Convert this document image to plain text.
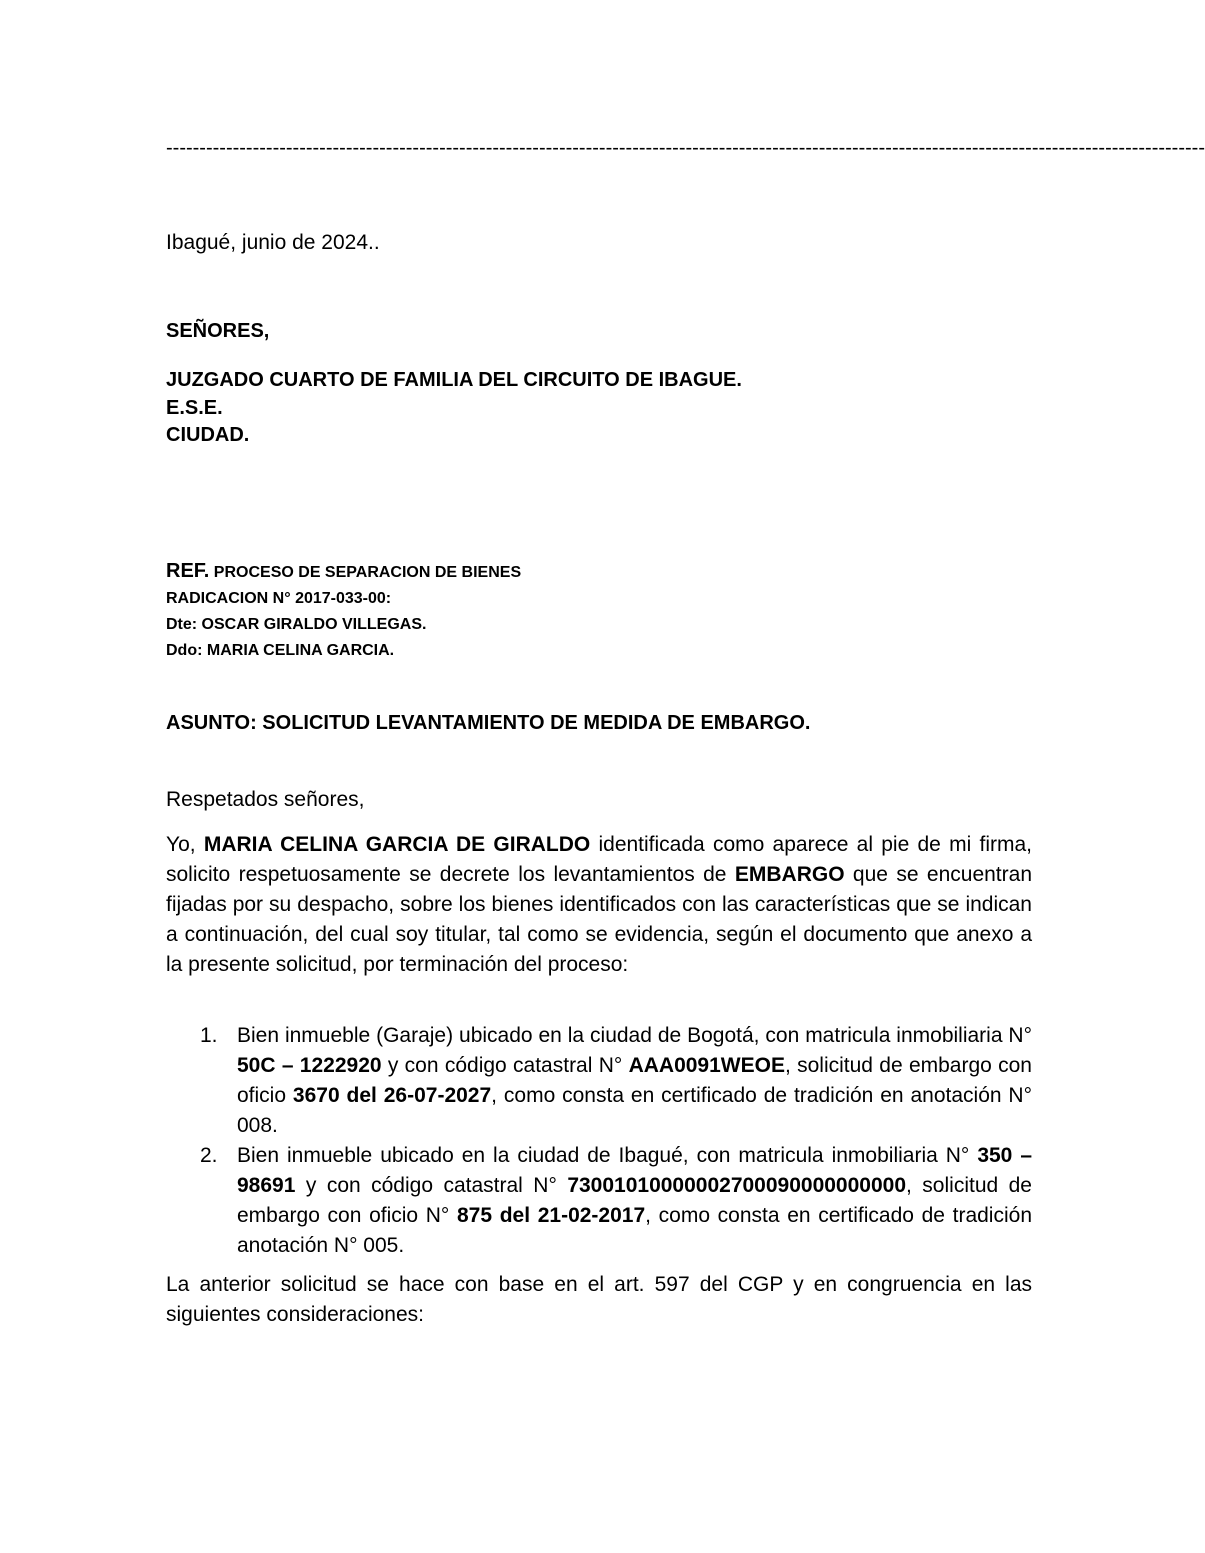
------------------------------------------------------------------------------------------------------------------------------------------------------------
Ibagué, junio de 2024..
SEÑORES,
JUZGADO CUARTO DE FAMILIA DEL CIRCUITO DE IBAGUE.
E.S.E.
CIUDAD.
REF. PROCESO DE SEPARACION DE BIENES
RADICACION N° 2017-033-00:
Dte: OSCAR GIRALDO VILLEGAS.
Ddo: MARIA CELINA GARCIA.
ASUNTO: SOLICITUD LEVANTAMIENTO DE MEDIDA DE EMBARGO.
Respetados señores,
Yo, MARIA CELINA GARCIA DE GIRALDO identificada como aparece al pie de mi firma, solicito respetuosamente se decrete los levantamientos de EMBARGO que se encuentran fijadas por su despacho, sobre los bienes identificados con las características que se indican a continuación, del cual soy titular, tal como se evidencia, según el documento que anexo a la presente solicitud, por terminación del proceso:
1. Bien inmueble (Garaje) ubicado en la ciudad de Bogotá, con matricula inmobiliaria N° 50C – 1222920 y con código catastral N° AAA0091WEOE, solicitud de embargo con oficio 3670 del 26-07-2027, como consta en certificado de tradición en anotación N° 008.
2. Bien inmueble ubicado en la ciudad de Ibagué, con matricula inmobiliaria N° 350 – 98691 y con código catastral N° 73001010000002700090000000000, solicitud de embargo con oficio N° 875 del 21-02-2017, como consta en certificado de tradición anotación N° 005.
La anterior solicitud se hace con base en el art. 597 del CGP y en congruencia en las siguientes consideraciones:
